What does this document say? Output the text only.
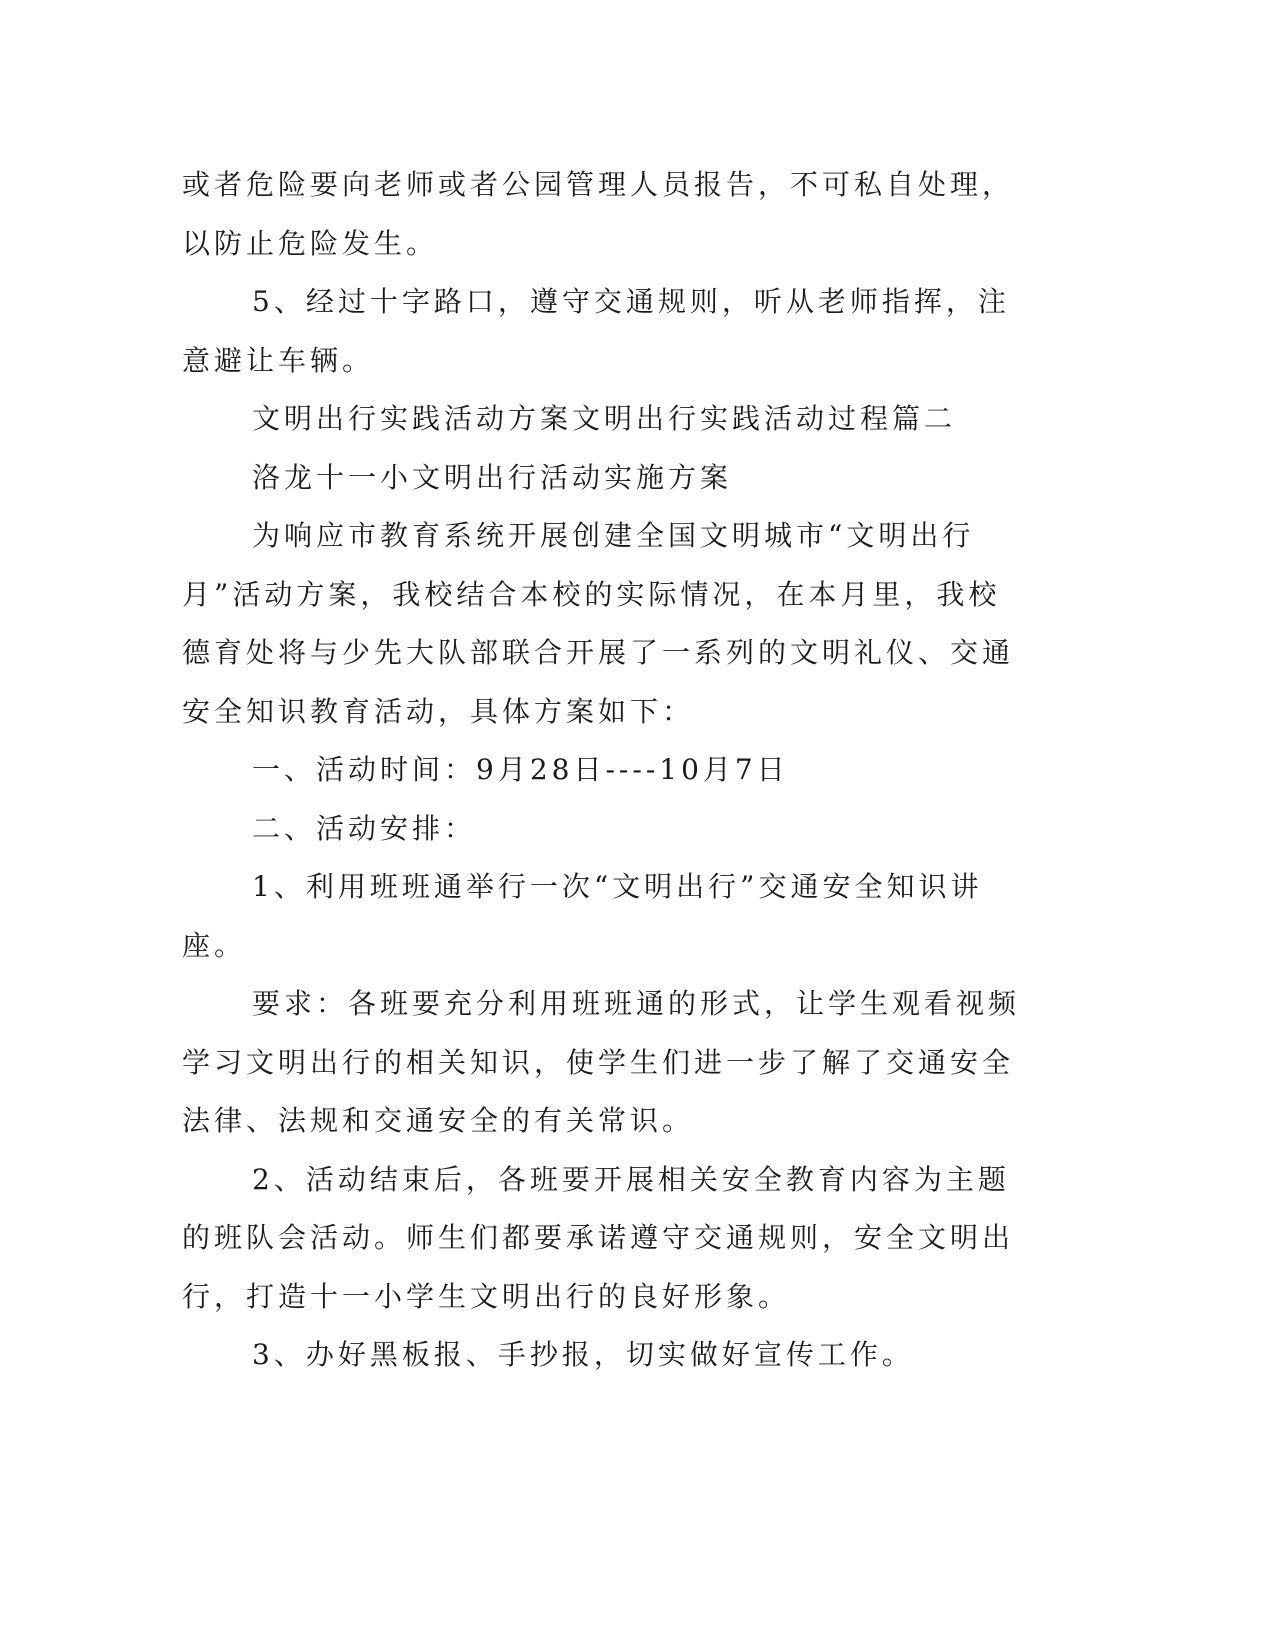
或者危险要向老师或者公园管理人员报告，不可私自处理，以防止危险发生。

5、经过十字路口，遵守交通规则，听从老师指挥，注意避让车辆。

文明出行实践活动方案文明出行实践活动过程篇二

洛龙十一小文明出行活动实施方案

为响应市教育系统开展创建全国文明城市“文明出行月”活动方案，我校结合本校的实际情况，在本月里，我校德育处将与少先大队部联合开展了一系列的文明礼仪、交通安全知识教育活动，具体方案如下：

一、活动时间：9月28日----10月7日

二、活动安排：

1、利用班班通举行一次“文明出行”交通安全知识讲座。

要求：各班要充分利用班班通的形式，让学生观看视频学习文明出行的相关知识，使学生们进一步了解了交通安全法律、法规和交通安全的有关常识。

2、活动结束后，各班要开展相关安全教育内容为主题的班队会活动。师生们都要承诺遵守交通规则，安全文明出行，打造十一小学生文明出行的良好形象。

3、办好黑板报、手抄报，切实做好宣传工作。
